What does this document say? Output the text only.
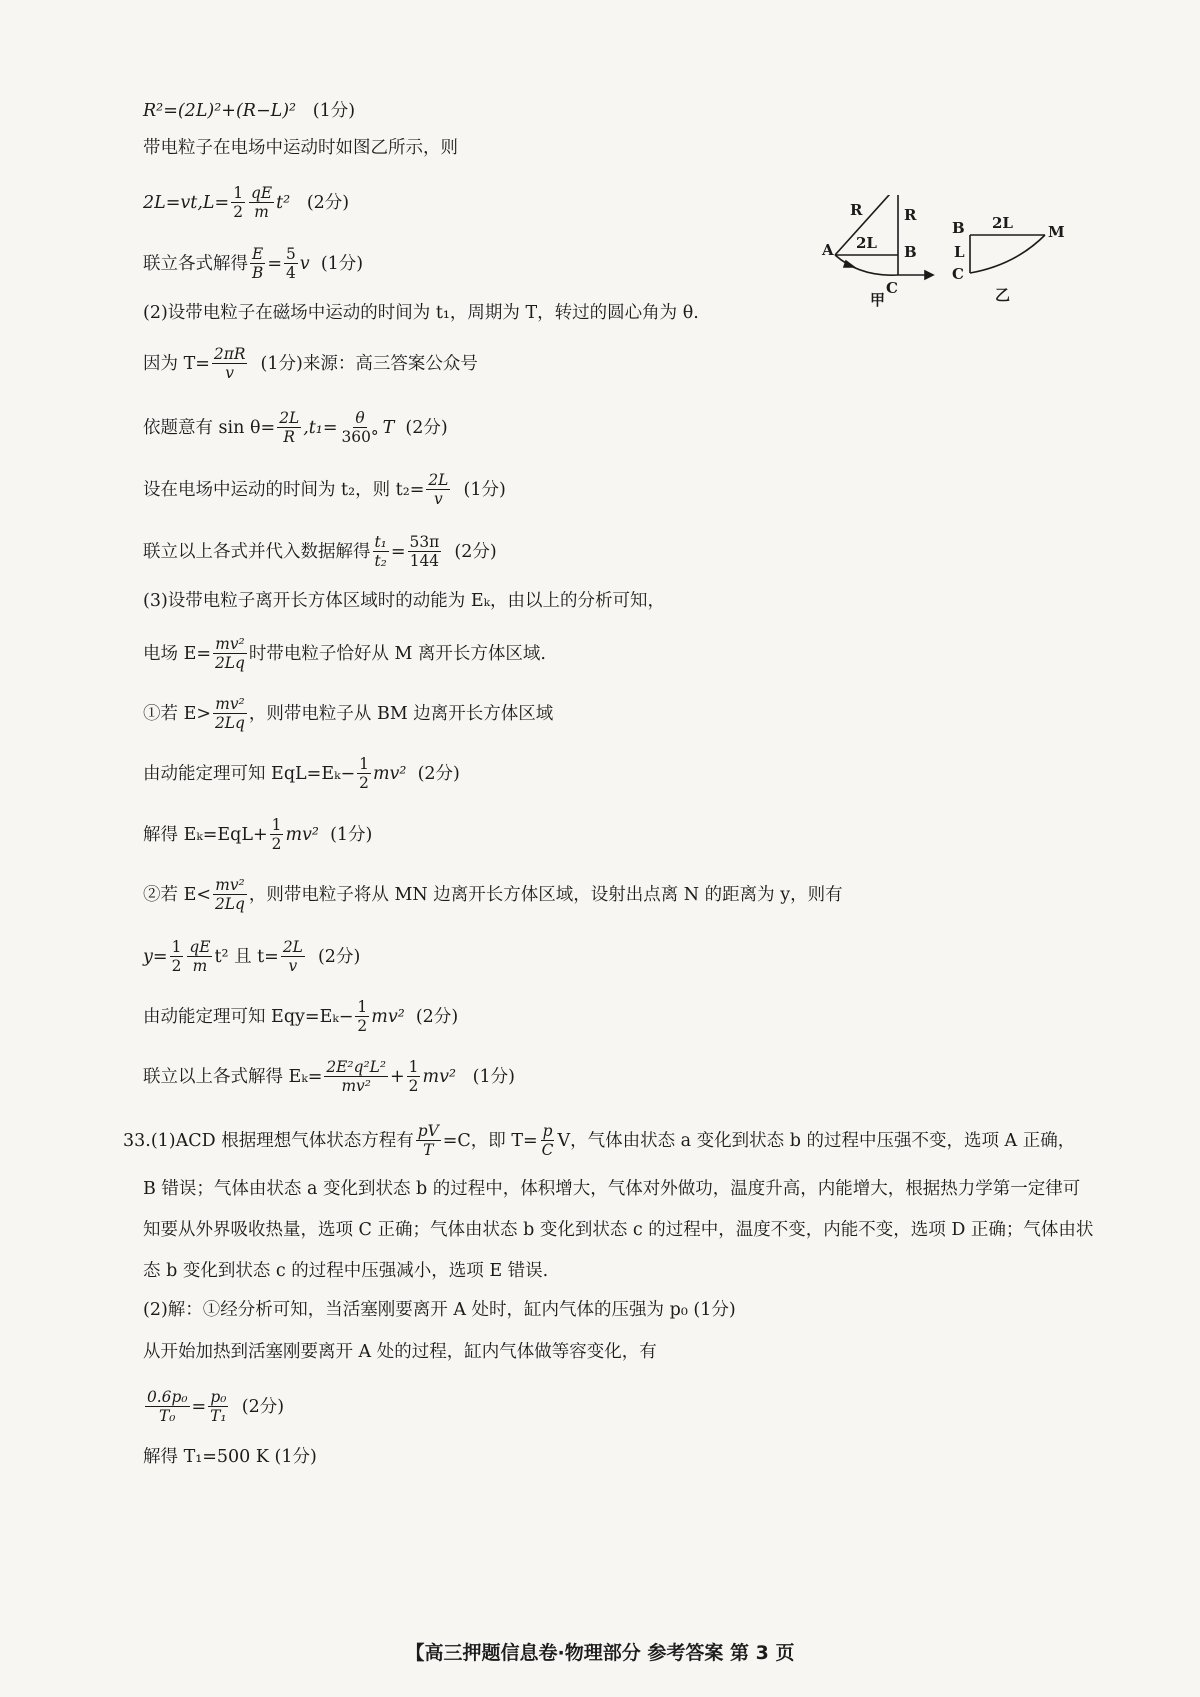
R²=(2L)²+(R−L)² (1分)
带电粒子在电场中运动时如图乙所示，则
$2L=vt,L= \frac{1}{2} \frac{qE}{m} t^2$ (2分)
联立各式解得 $\frac{E}{B} = \frac{5}{4}$ v (1分)
(2)设带电粒子在磁场中运动的时间为 t₁，周期为 T，转过的圆心角为 θ.
因为 $T= \frac{2\pi R}{v} (1$分)来源：高三答案公众号
依题意有 $\sin \theta= \frac{2L}{R} ,t_1= \frac{\theta}{360^\circ}$ T (2分)
设在电场中运动的时间为 t₂，则 $t_2= \frac{2L}{v} (1$分)
联立以上各式并代入数据解得 $\frac{\text{t₁}}{\text{t₂}} = \frac{53\pi}{144} (2$分)
(3)设带电粒子离开长方体区域时的动能为 Eₖ，由以上的分析可知，
电场 $E= \frac{\text{mv²}}{2Lq}$ 时带电粒子恰好从 M 离开长方体区域.
①若 $E> \frac{\text{mv²}}{2Lq}$ ，则带电粒子从 BM 边离开长方体区域
由动能定理可知 $EqL=E_k- \frac{1}{2} mv^2$ (2分)
解得 $E_k=EqL+ \frac{1}{2} mv^2$ (1分)
②若 $E< \frac{\text{mv²}}{2Lq}$ ，则带电粒子将从 MN 边离开长方体区域，设射出点离 N 的距离为 y，则有
$y= \frac{1}{2} \frac{qE}{m} t^2$ 且 $t= \frac{2L}{v} (2$分)
由动能定理可知 $Eqy=E_k- \frac{1}{2} mv^2$ (2分)
联立以上各式解得 $E_k= \frac{\text{2E²q²L²}}{\text{mv²}} + \frac{1}{2} mv^2$ (1分)
33.(1)ACD 根据理想气体状态方程有 $\frac{pV}{T} =C$，即 $T= \frac{p}{C}$ V，气体由状态 a 变化到状态 b 的过程中压强不变，选项 A 正确，
B 错误；气体由状态 a 变化到状态 b 的过程中，体积增大，气体对外做功，温度升高，内能增大，根据热力学第一定律可
知要从外界吸收热量，选项 C 正确；气体由状态 b 变化到状态 c 的过程中，温度不变，内能不变，选项 D 正确；气体由状
态 b 变化到状态 c 的过程中压强减小，选项 E 错误.
(2)解：①经分析可知，当活塞刚要离开 A 处时，缸内气体的压强为 p₀ (1分)
从开始加热到活塞刚要离开 A 处的过程，缸内气体做等容变化，有
$\frac{\text{0.6p₀}}{\text{T₀}} = \frac{\text{p₀}}{\text{T₁}} (2$分)
解得 T₁=500 K (1分)
【高三押题信息卷·物理部分 参考答案 第 3 页
R	R
2L
A	B
C
甲
B
L
C
2L M
乙
